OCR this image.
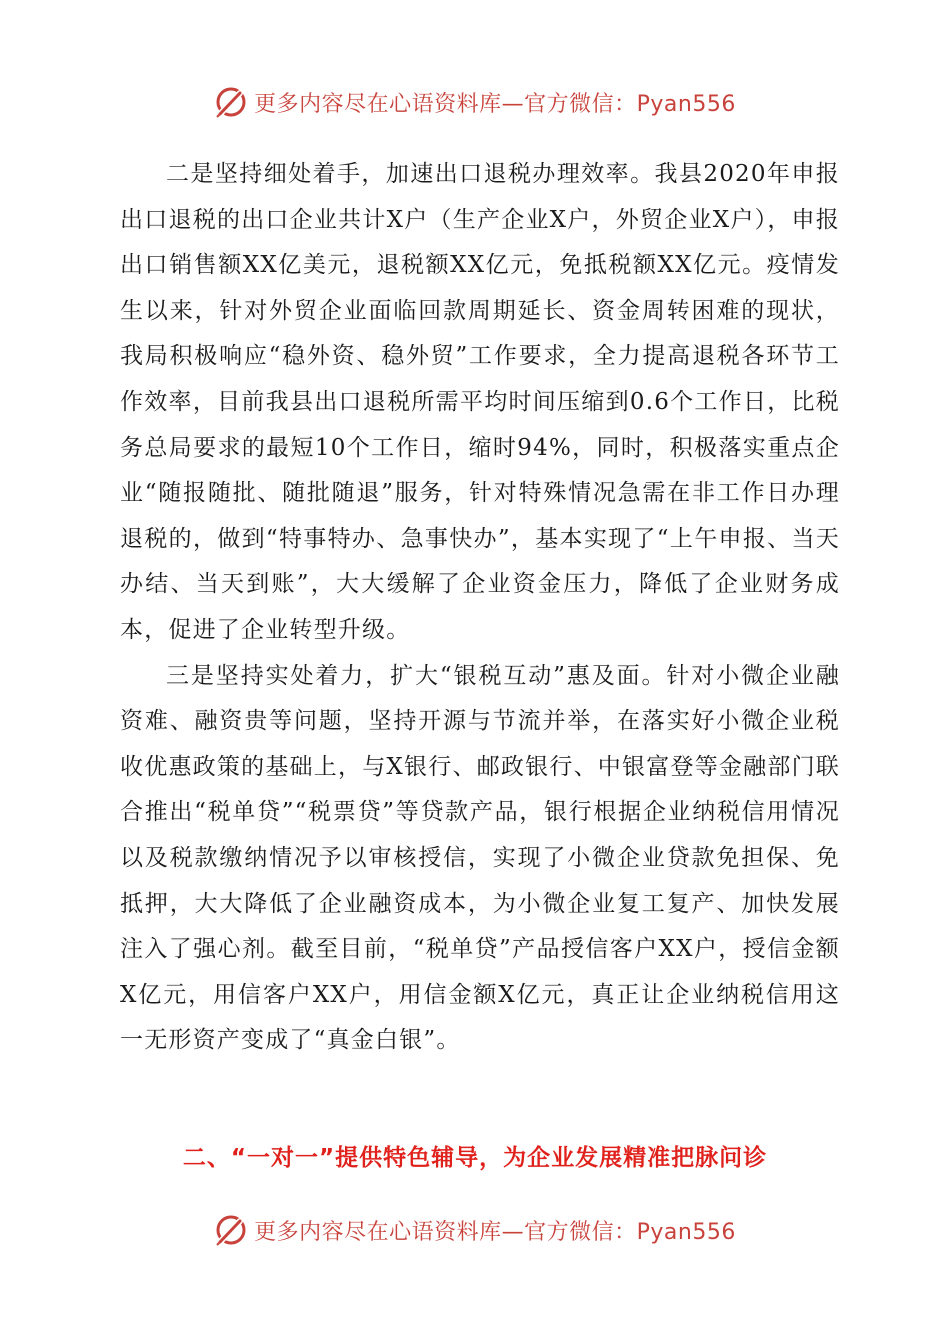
更多内容尽在心语资料库—官方微信：Pyan556

二是坚持细处着手，加速出口退税办理效率。我县2020年申报出口退税的出口企业共计X户（生产企业X户，外贸企业X户），申报出口销售额XX亿美元，退税额XX亿元，免抵税额XX亿元。疫情发生以来，针对外贸企业面临回款周期延长、资金周转困难的现状，我局积极响应“稳外资、稳外贸”工作要求，全力提高退税各环节工作效率，目前我县出口退税所需平均时间压缩到0.6个工作日，比税务总局要求的最短10个工作日，缩时94%，同时，积极落实重点企业“随报随批、随批随退”服务，针对特殊情况急需在非工作日办理退税的，做到“特事特办、急事快办”，基本实现了“上午申报、当天办结、当天到账”，大大缓解了企业资金压力，降低了企业财务成本，促进了企业转型升级。

三是坚持实处着力，扩大“银税互动”惠及面。针对小微企业融资难、融资贵等问题，坚持开源与节流并举，在落实好小微企业税收优惠政策的基础上，与X银行、邮政银行、中银富登等金融部门联合推出“税单贷”“税票贷”等贷款产品，银行根据企业纳税信用情况以及税款缴纳情况予以审核授信，实现了小微企业贷款免担保、免抵押，大大降低了企业融资成本，为小微企业复工复产、加快发展注入了强心剂。截至目前，“税单贷”产品授信客户XX户，授信金额X亿元，用信客户XX户，用信金额X亿元，真正让企业纳税信用这一无形资产变成了“真金白银”。

二、“一对一”提供特色辅导，为企业发展精准把脉问诊
更多内容尽在心语资料库—官方微信：Pyan556
